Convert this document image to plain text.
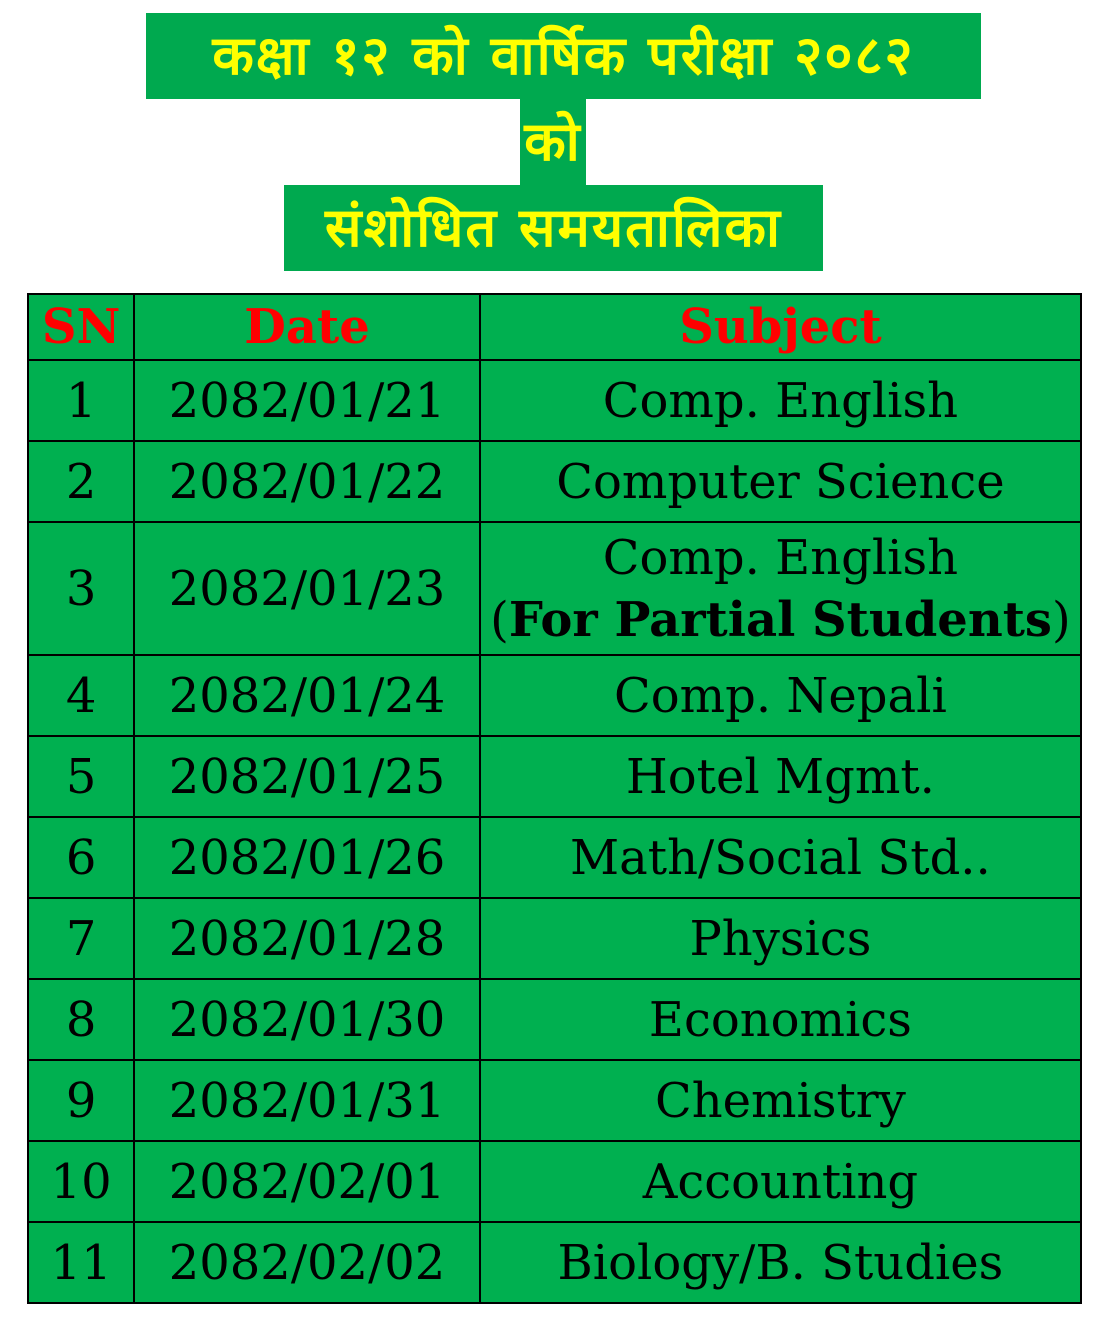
कक्षा १२ को वार्षिक परीक्षा २०८२
को
संशोधित समयतालिका
SN	Date	Subject
1	2082/01/21	Comp. English
2	2082/01/22	Computer Science
3	2082/01/23	Comp. English
(For Partial Students)

4	2082/01/24	Comp. Nepali
5	2082/01/25	Hotel Mgmt.
6	2082/01/26	Math/Social Std..
7	2082/01/28	Physics
8	2082/01/30	Economics
9	2082/01/31	Chemistry
10	2082/02/01	Accounting
11	2082/02/02	Biology/B. Studies
